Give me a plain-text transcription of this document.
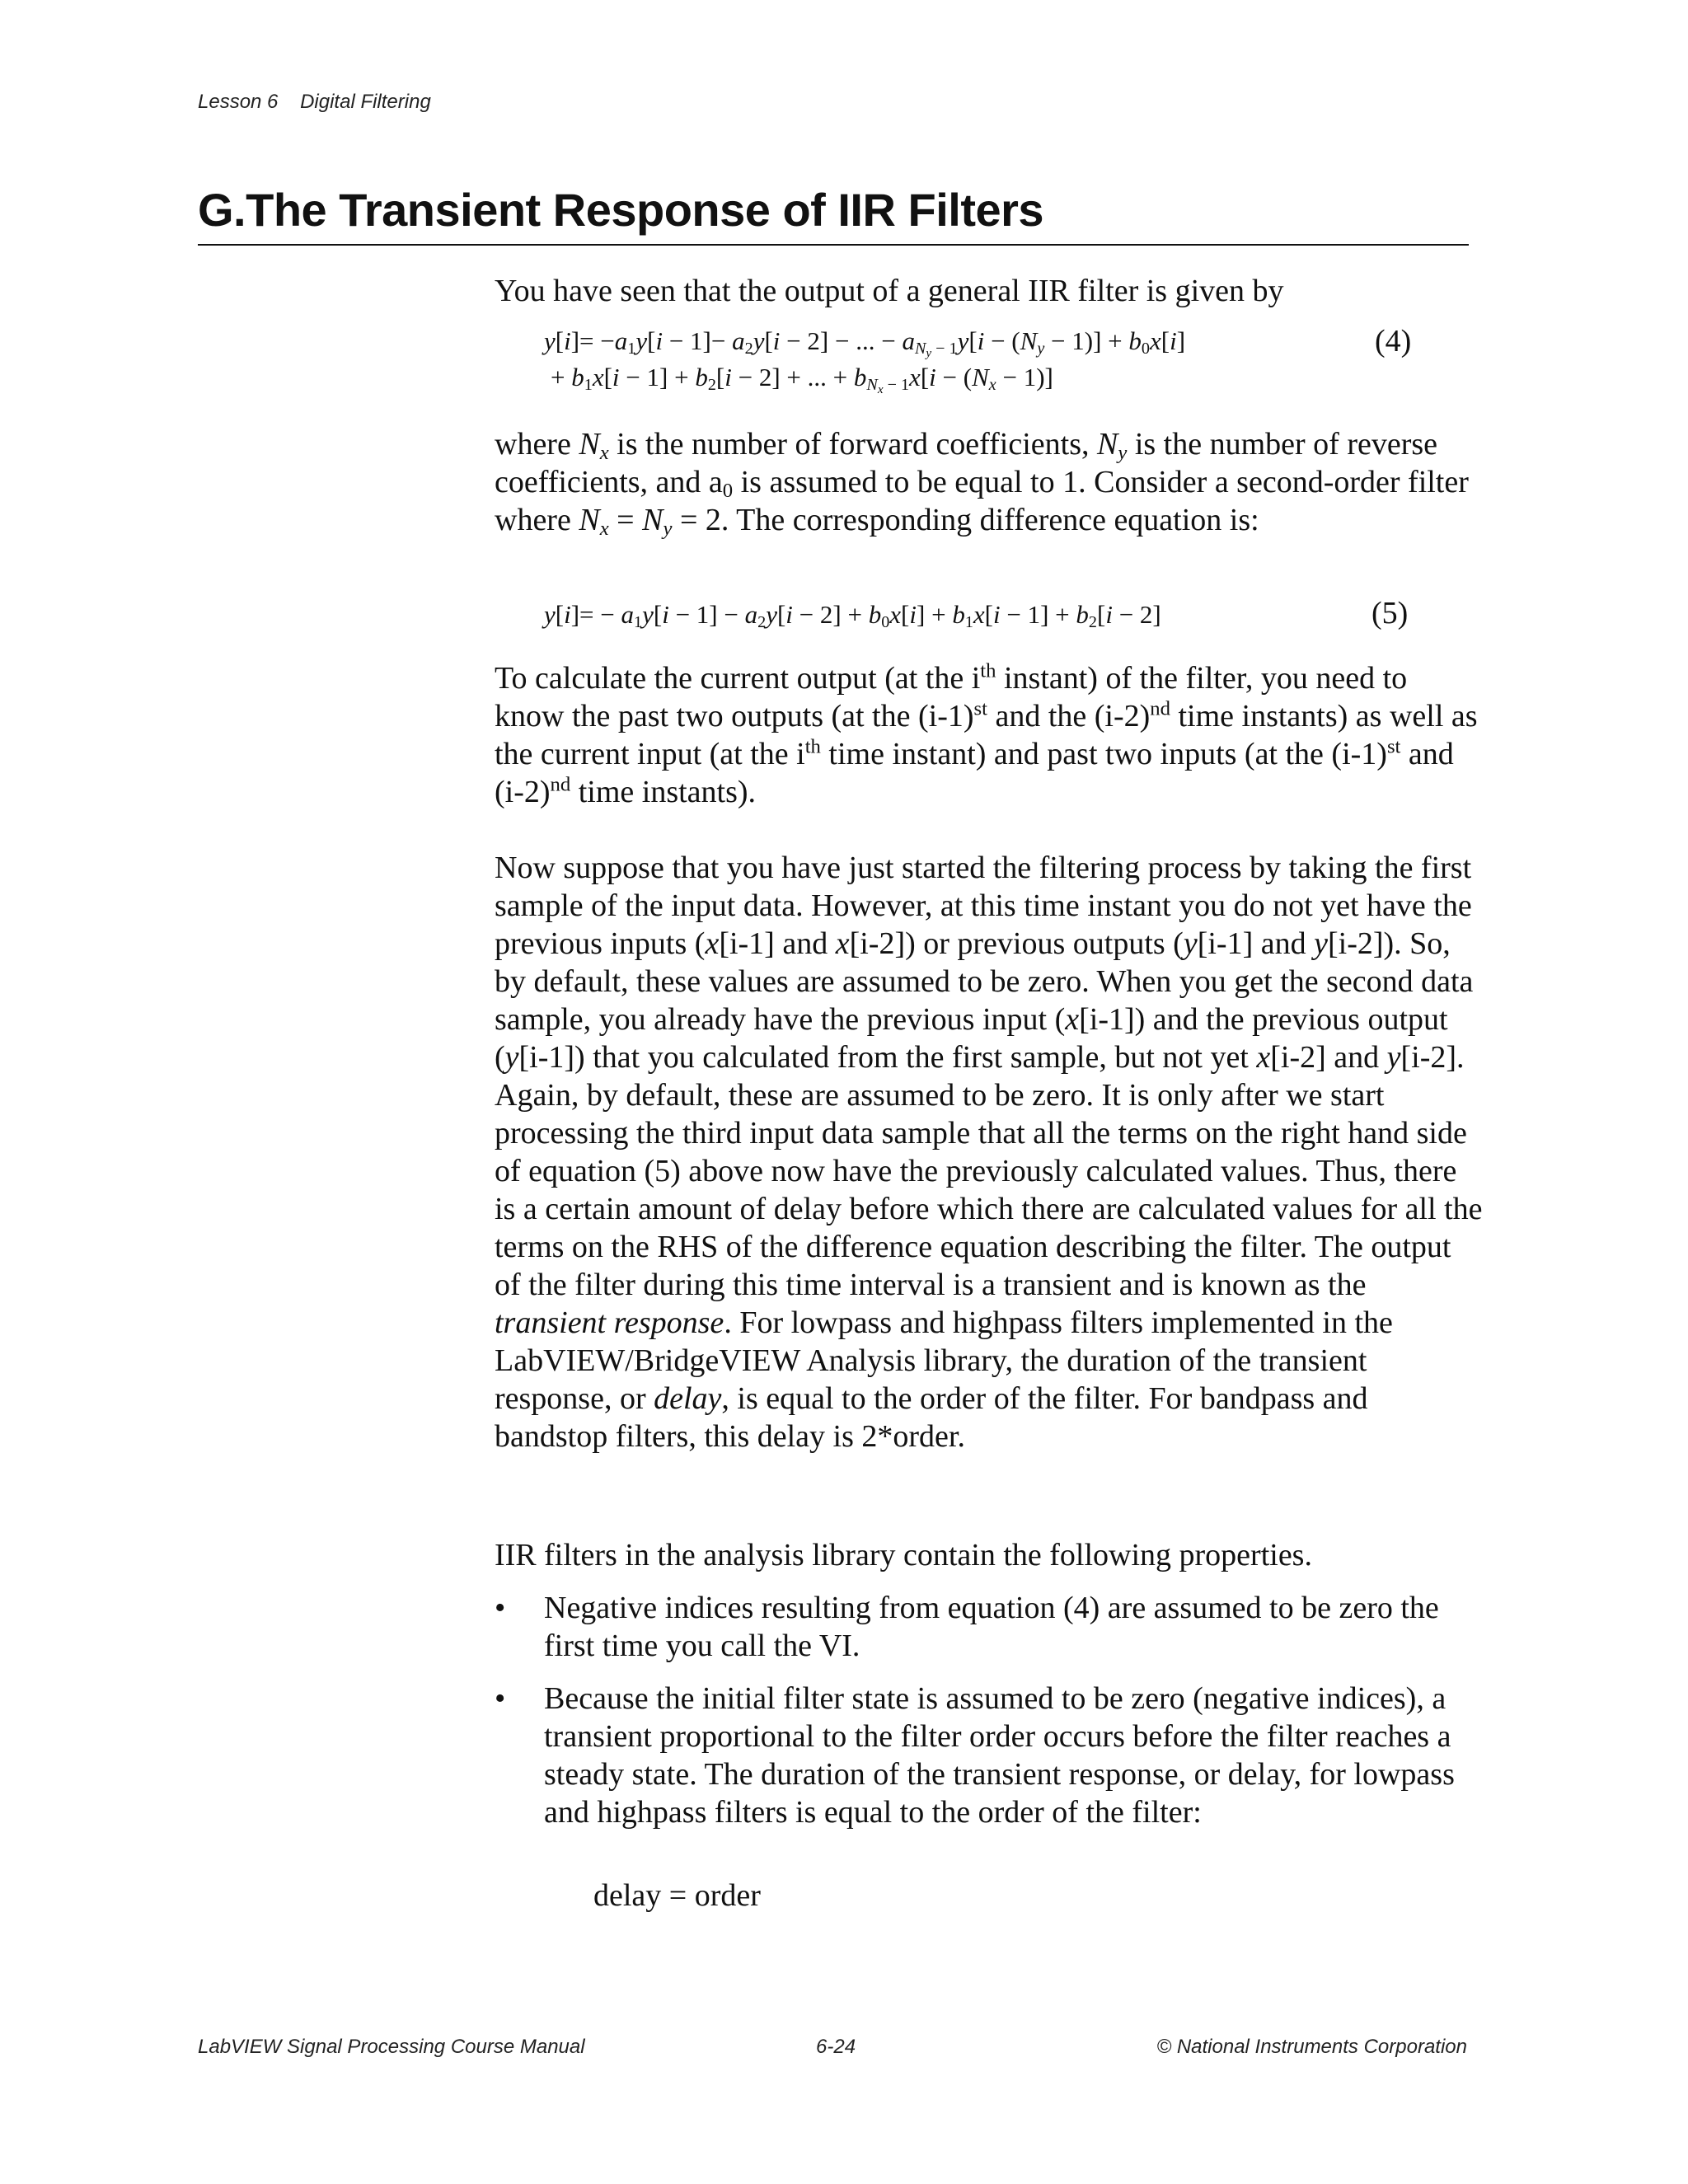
Lesson 6 Digital Filtering
G.The Transient Response of IIR Filters

You have seen that the output of a general IIR filter is given by

$y[i]= -a_1y[i - 1]- a_2y[i - 2]$ − ... − $a_{N_y - 1}y[i - (N_y - 1)] + b_0x[i]$
+ $b_1x[i - 1] + b_2[i - 2]$ + ... + $b_{N_x - 1}x[i - (N_x - 1)]$
(4)

where $N_x$ is the number of forward coefficients, $N_y$ is the number of reverse coefficients, and $a_0$ is assumed to be equal to 1. Consider a second-order filter where $N_x = N_y = 2$. The corresponding difference equation is:

$y[i]= - a_1y[i - 1] - a_2y[i - 2] + b_0x[i] + b_1x[i - 1] + b_2[i - 2]$	(5)

To calculate the current output (at the $i^{th}$ instant) of the filter, you need to know the past two outputs (at the $(i-1)^{st}$ and the $(i-2)^{nd}$ time instants) as well as the current input (at the $i^{th}$ time instant) and past two inputs (at the $(i-1)^{st}$ and $(i-2)^{nd}$ time instants).

Now suppose that you have just started the filtering process by taking the first sample of the input data. However, at this time instant you do not yet have the previous inputs (x[i-1] and x[i-2]) or previous outputs (y[i-1] and y[i-2]). So, by default, these values are assumed to be zero. When you get the second data sample, you already have the previous input (x[i-1]) and the previous output (y[i-1]) that you calculated from the first sample, but not yet x[i-2] and y[i-2]. Again, by default, these are assumed to be zero. It is only after we start processing the third input data sample that all the terms on the right hand side of equation (5) above now have the previously calculated values. Thus, there is a certain amount of delay before which there are calculated values for all the terms on the RHS of the difference equation describing the filter. The output of the filter during this time interval is a transient and is known as the transient response. For lowpass and highpass filters implemented in the LabVIEW/BridgeVIEW Analysis library, the duration of the transient response, or delay, is equal to the order of the filter. For bandpass and bandstop filters, this delay is 2*order.

IIR filters in the analysis library contain the following properties.

• Negative indices resulting from equation (4) are assumed to be zero the first time you call the VI.
• Because the initial filter state is assumed to be zero (negative indices), a transient proportional to the filter order occurs before the filter reaches a steady state. The duration of the transient response, or delay, for lowpass and highpass filters is equal to the order of the filter:
delay = order
LabVIEW Signal Processing Course Manual	6-24	© National Instruments Corporation
